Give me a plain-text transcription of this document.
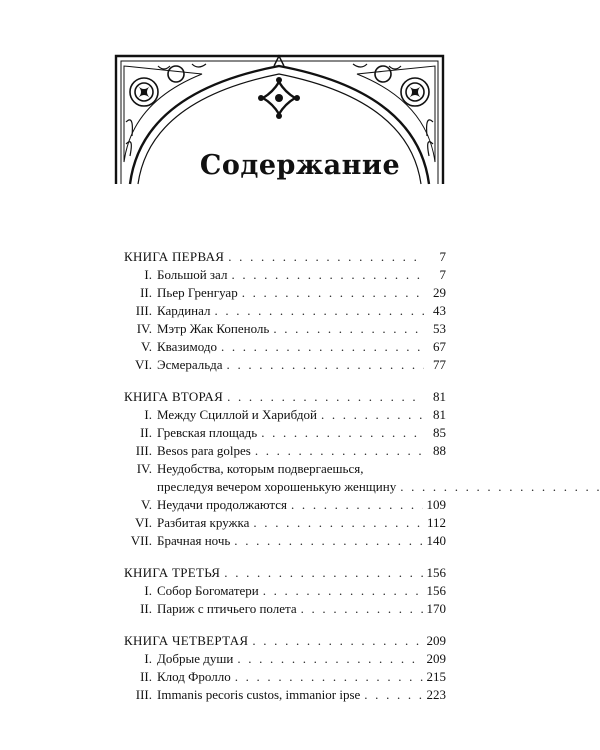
Содержание
КНИГА ПЕРВАЯ . . .	7
I. Большой зал . . .	7
II. Пьер Гренгуар . . .	29
III. Кардинал . . .	43
IV. Мэтр Жак Копеноль . . .	53
V. Квазимодо . . .	67
VI. Эсмеральда . . .	77
КНИГА ВТОРАЯ . . .	81
I. Между Сциллой и Харибдой . . .	81
II. Гревская площадь . . .	85
III. Besos para golpes . . .	88
IV. Неудобства, которым подвергаешься,
преследуя вечером хорошенькую женщину
. . .
V. Неудачи продолжаются . . .	109
VI. Разбитая кружка . . .	112
VII. Брачная ночь . . .	140
КНИГА ТРЕТЬЯ . . .	156
I. Собор Богоматери . . .	156
II. Париж с птичьего полета . . .	170
КНИГА ЧЕТВЕРТАЯ . . .	209
I. Добрые души . . .	209
II. Клод Фролло . . .	215
III. Immanis pecoris custos, immanior ipse . . .	223
